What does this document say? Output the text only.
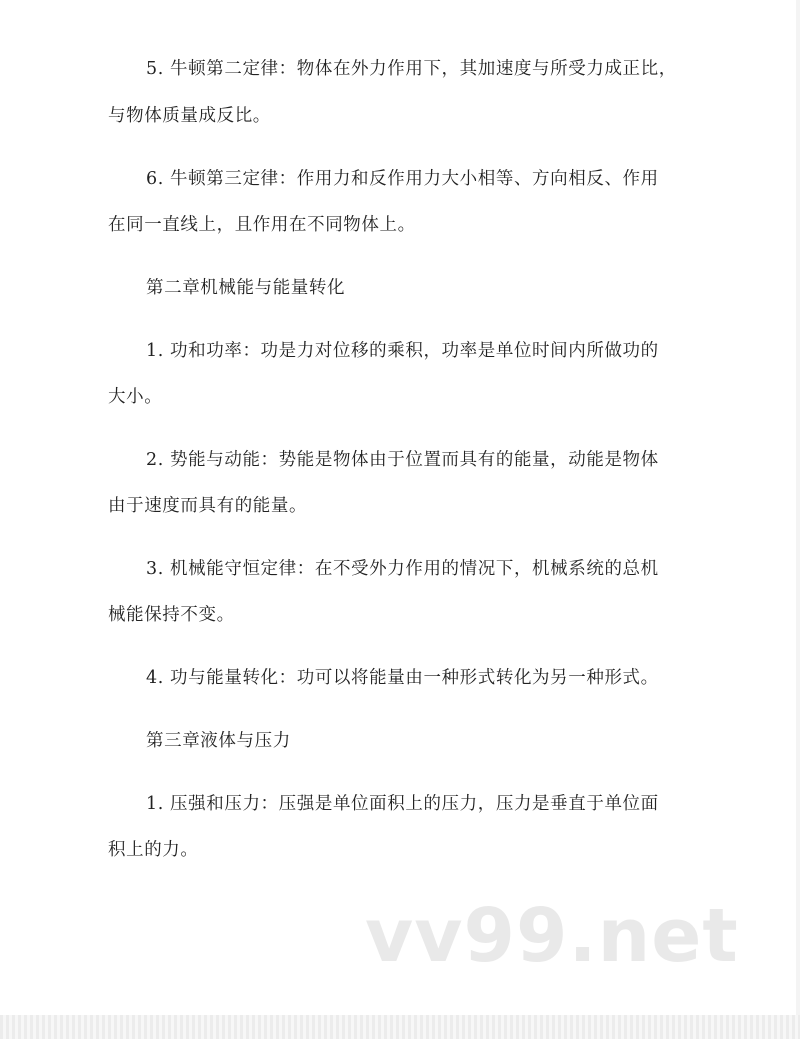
5. 牛顿第二定律：物体在外力作用下，其加速度与所受力成正比，
与物体质量成反比。
6. 牛顿第三定律：作用力和反作用力大小相等、方向相反、作用
在同一直线上，且作用在不同物体上。
第二章机械能与能量转化
1. 功和功率：功是力对位移的乘积，功率是单位时间内所做功的
大小。
2. 势能与动能：势能是物体由于位置而具有的能量，动能是物体
由于速度而具有的能量。
3. 机械能守恒定律：在不受外力作用的情况下，机械系统的总机
械能保持不变。
4. 功与能量转化：功可以将能量由一种形式转化为另一种形式。
第三章液体与压力
1. 压强和压力：压强是单位面积上的压力，压力是垂直于单位面
积上的力。
vv99.net
